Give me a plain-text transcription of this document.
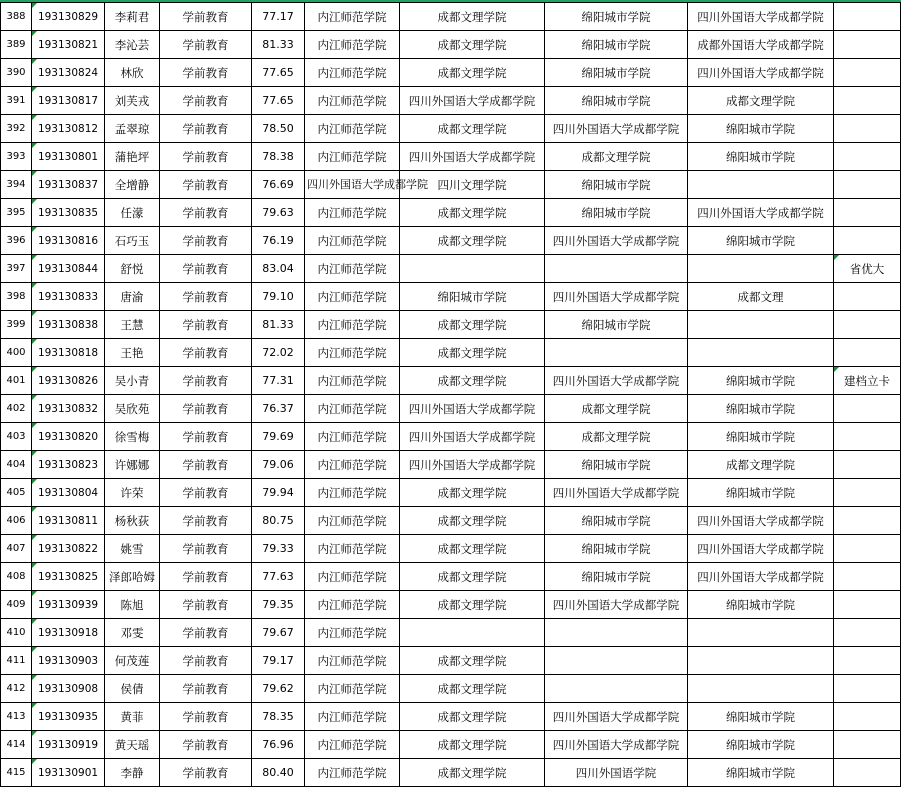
388	193130829	李莉君	学前教育	77.17	内江师范学院	成都文理学院	绵阳城市学院	四川外国语大学成都学院	
389	193130821	李沁芸	学前教育	81.33	内江师范学院	成都文理学院	绵阳城市学院	成都外国语大学成都学院	
390	193130824	林欣	学前教育	77.65	内江师范学院	成都文理学院	绵阳城市学院	四川外国语大学成都学院	
391	193130817	刘芙戎	学前教育	77.65	内江师范学院	四川外国语大学成都学院	绵阳城市学院	成都文理学院	
392	193130812	孟翠琼	学前教育	78.50	内江师范学院	成都文理学院	四川外国语大学成都学院	绵阳城市学院	
393	193130801	蒲艳坪	学前教育	78.38	内江师范学院	四川外国语大学成都学院	成都文理学院	绵阳城市学院	
394	193130837	全增静	学前教育	76.69	四川外国语大学成都学院	四川文理学院	绵阳城市学院		
395	193130835	任濛	学前教育	79.63	内江师范学院	成都文理学院	绵阳城市学院	四川外国语大学成都学院	
396	193130816	石巧玉	学前教育	76.19	内江师范学院	成都文理学院	四川外国语大学成都学院	绵阳城市学院	
397	193130844	舒悦	学前教育	83.04	内江师范学院				省优大
398	193130833	唐渝	学前教育	79.10	内江师范学院	绵阳城市学院	四川外国语大学成都学院	成都文理	
399	193130838	王慧	学前教育	81.33	内江师范学院	成都文理学院	绵阳城市学院		
400	193130818	王艳	学前教育	72.02	内江师范学院	成都文理学院			
401	193130826	吴小青	学前教育	77.31	内江师范学院	成都文理学院	四川外国语大学成都学院	绵阳城市学院	建档立卡
402	193130832	吴欣苑	学前教育	76.37	内江师范学院	四川外国语大学成都学院	成都文理学院	绵阳城市学院	
403	193130820	徐雪梅	学前教育	79.69	内江师范学院	四川外国语大学成都学院	成都文理学院	绵阳城市学院	
404	193130823	许娜娜	学前教育	79.06	内江师范学院	四川外国语大学成都学院	绵阳城市学院	成都文理学院	
405	193130804	许荣	学前教育	79.94	内江师范学院	成都文理学院	四川外国语大学成都学院	绵阳城市学院	
406	193130811	杨秋荻	学前教育	80.75	内江师范学院	成都文理学院	绵阳城市学院	四川外国语大学成都学院	
407	193130822	姚雪	学前教育	79.33	内江师范学院	成都文理学院	绵阳城市学院	四川外国语大学成都学院	
408	193130825	泽郎哈姆	学前教育	77.63	内江师范学院	成都文理学院	绵阳城市学院	四川外国语大学成都学院	
409	193130939	陈旭	学前教育	79.35	内江师范学院	成都文理学院	四川外国语大学成都学院	绵阳城市学院	
410	193130918	邓雯	学前教育	79.67	内江师范学院				
411	193130903	何茂莲	学前教育	79.17	内江师范学院	成都文理学院			
412	193130908	侯倩	学前教育	79.62	内江师范学院	成都文理学院			
413	193130935	黄菲	学前教育	78.35	内江师范学院	成都文理学院	四川外国语大学成都学院	绵阳城市学院	
414	193130919	黄天瑶	学前教育	76.96	内江师范学院	成都文理学院	四川外国语大学成都学院	绵阳城市学院	
415	193130901	李静	学前教育	80.40	内江师范学院	成都文理学院	四川外国语学院	绵阳城市学院	
